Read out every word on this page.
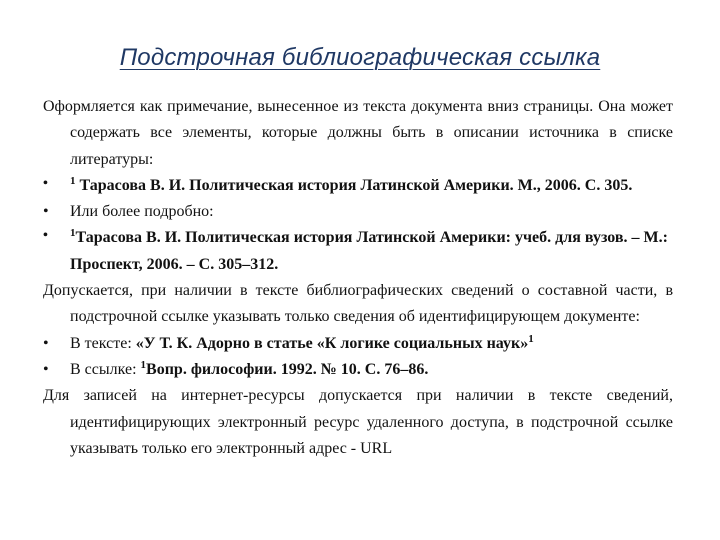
Подстрочная библиографическая ссылка

Оформляется как примечание, вынесенное из текста документа вниз страницы. Она может содержать все элементы, которые должны быть в описании источника в списке литературы:

• $^1$ Тарасова В. И. Политическая история Латинской Америки. М., 2006. С. 305.

• Или более подробно:

• $^1$Тарасова В. И. Политическая история Латинской Америки: учеб. для вузов. – М.: Проспект, 2006. – С. 305–312.

Допускается, при наличии в тексте библиографических сведений о составной части, в подстрочной ссылке указывать только сведения об идентифицирующем документе:

• В тексте: «У Т. К. Адорно в статье «К логике социальных наук»$^1$

• В ссылке: $^1$Вопр. философии. 1992. № 10. С. 76–86.

Для записей на интернет-ресурсы допускается при наличии в тексте сведений, идентифицирующих электронный ресурс удаленного доступа, в подстрочной ссылке указывать только его электронный адрес - URL
